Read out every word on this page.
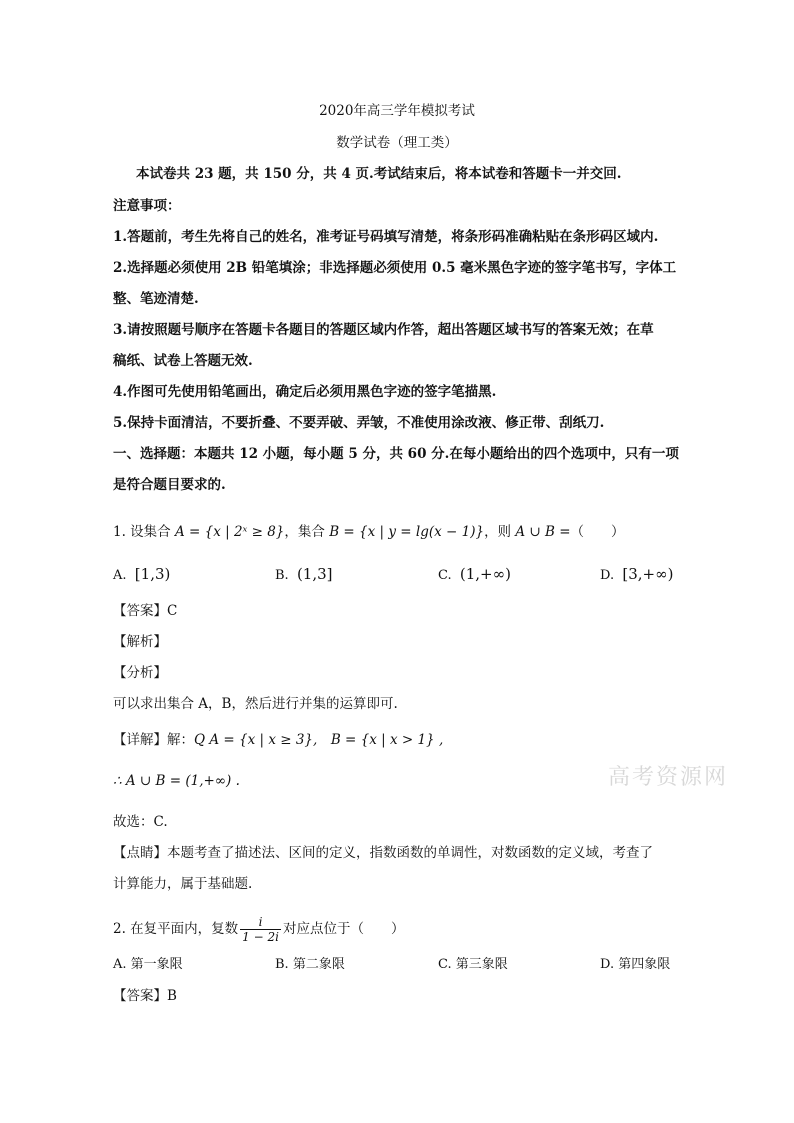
2020年高三学年模拟考试
数学试卷（理工类）
本试卷共 23 题，共 150 分，共 4 页.考试结束后，将本试卷和答题卡一并交回.
注意事项：
1.答题前，考生先将自己的姓名，准考证号码填写清楚，将条形码准确粘贴在条形码区域内.
2.选择题必须使用 2B 铅笔填涂；非选择题必须使用 0.5 毫米黑色字迹的签字笔书写，字体工
整、笔迹清楚.
3.请按照题号顺序在答题卡各题目的答题区域内作答，超出答题区域书写的答案无效；在草
稿纸、试卷上答题无效.
4.作图可先使用铅笔画出，确定后必须用黑色字迹的签字笔描黑.
5.保持卡面清洁，不要折叠、不要弄破、弄皱，不准使用涂改液、修正带、刮纸刀.
一、选择题：本题共 12 小题，每小题 5 分，共 60 分.在每小题给出的四个选项中，只有一项
是符合题目要求的.
1. 设集合 A = {x | 2ˣ ≥ 8}，集合 B = {x | y = lg(x − 1)}，则 A ∪ B =（　　）
A. [1,3)	B. (1,3]	C. (1,+∞)	D. [3,+∞)
【答案】C
【解析】
【分析】
可以求出集合 A，B，然后进行并集的运算即可.
【详解】解：Q A = {x | x ≥ 3},　B = {x | x > 1} ,
∴ A ∪ B = (1,+∞) .
故选：C.
【点睛】本题考查了描述法、区间的定义，指数函数的单调性，对数函数的定义域，考查了
计算能力，属于基础题.
2. 在复平面内，复数 $\frac{i}{1 - 2i}$ 对应点位于（　　）
A. 第一象限	B. 第二象限	C. 第三象限	D. 第四象限
【答案】B
高考资源网
